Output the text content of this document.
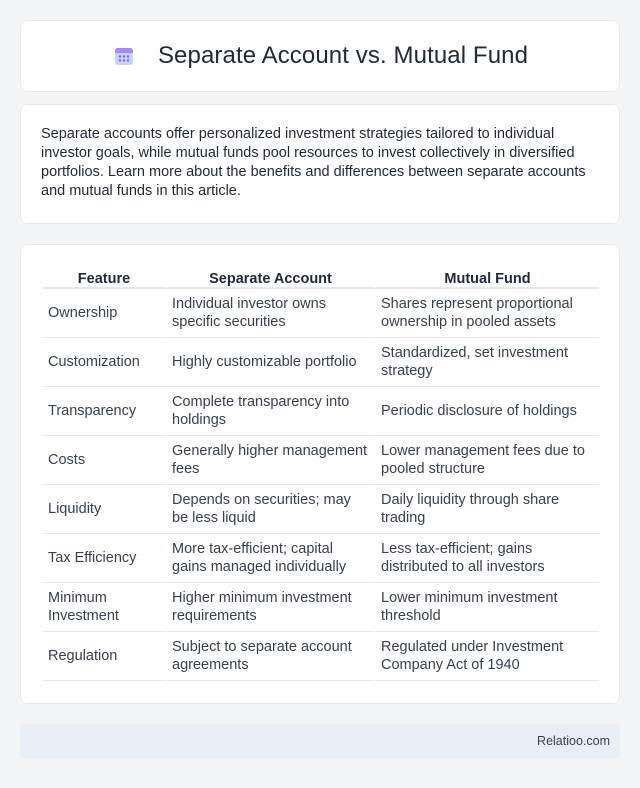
Separate Account vs. Mutual Fund

Separate accounts offer personalized investment strategies tailored to individual investor goals, while mutual funds pool resources to invest collectively in diversified portfolios. Learn more about the benefits and differences between separate accounts and mutual funds in this article.

Feature	Separate Account	Mutual Fund
Ownership	Individual investor owns specific securities	Shares represent proportional ownership in pooled assets
Customization	Highly customizable portfolio	Standardized, set investment strategy
Transparency	Complete transparency into holdings	Periodic disclosure of holdings
Costs	Generally higher management fees	Lower management fees due to pooled structure
Liquidity	Depends on securities; may be less liquid	Daily liquidity through share trading
Tax Efficiency	More tax-efficient; capital gains managed individually	Less tax-efficient; gains distributed to all investors
Minimum Investment	Higher minimum investment requirements	Lower minimum investment threshold
Regulation	Subject to separate account agreements	Regulated under Investment Company Act of 1940
Relatioo.com
